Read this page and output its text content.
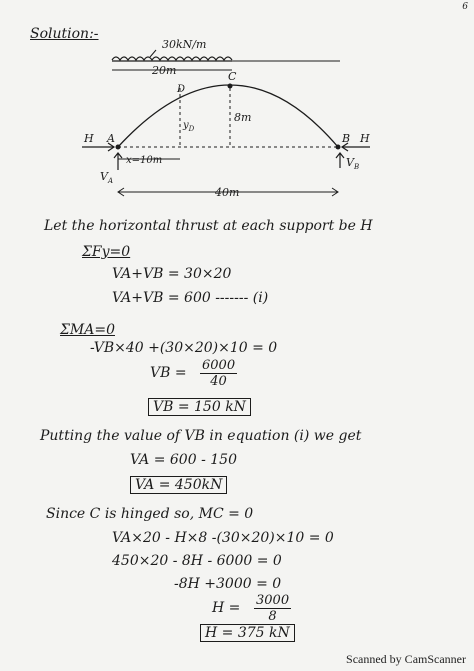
6
Solution:-
30kN/m
20m	C
8m
D
$y_D$
A	B
H	H
$V_A$
$V_B$
x=10m
40m
Let the horizontal thrust at each support be H
ΣFy=0
VA+VB = 30×20
VA+VB = 600 ------- (i)
ΣMA=0
-VB×40 +(30×20)×10 = 0
VB = $\frac{6000}{40}$
VB = 150 kN
Putting the value of VB in equation (i) we get
VA = 600 - 150
VA = 450kN
Since C is hinged so, MC = 0
VA×20 - H×8 -(30×20)×10 = 0
450×20 - 8H - 6000 = 0
-8H +3000 = 0
$H = \frac{3000}{8}$
H = 375 kN
Scanned by CamScanner
